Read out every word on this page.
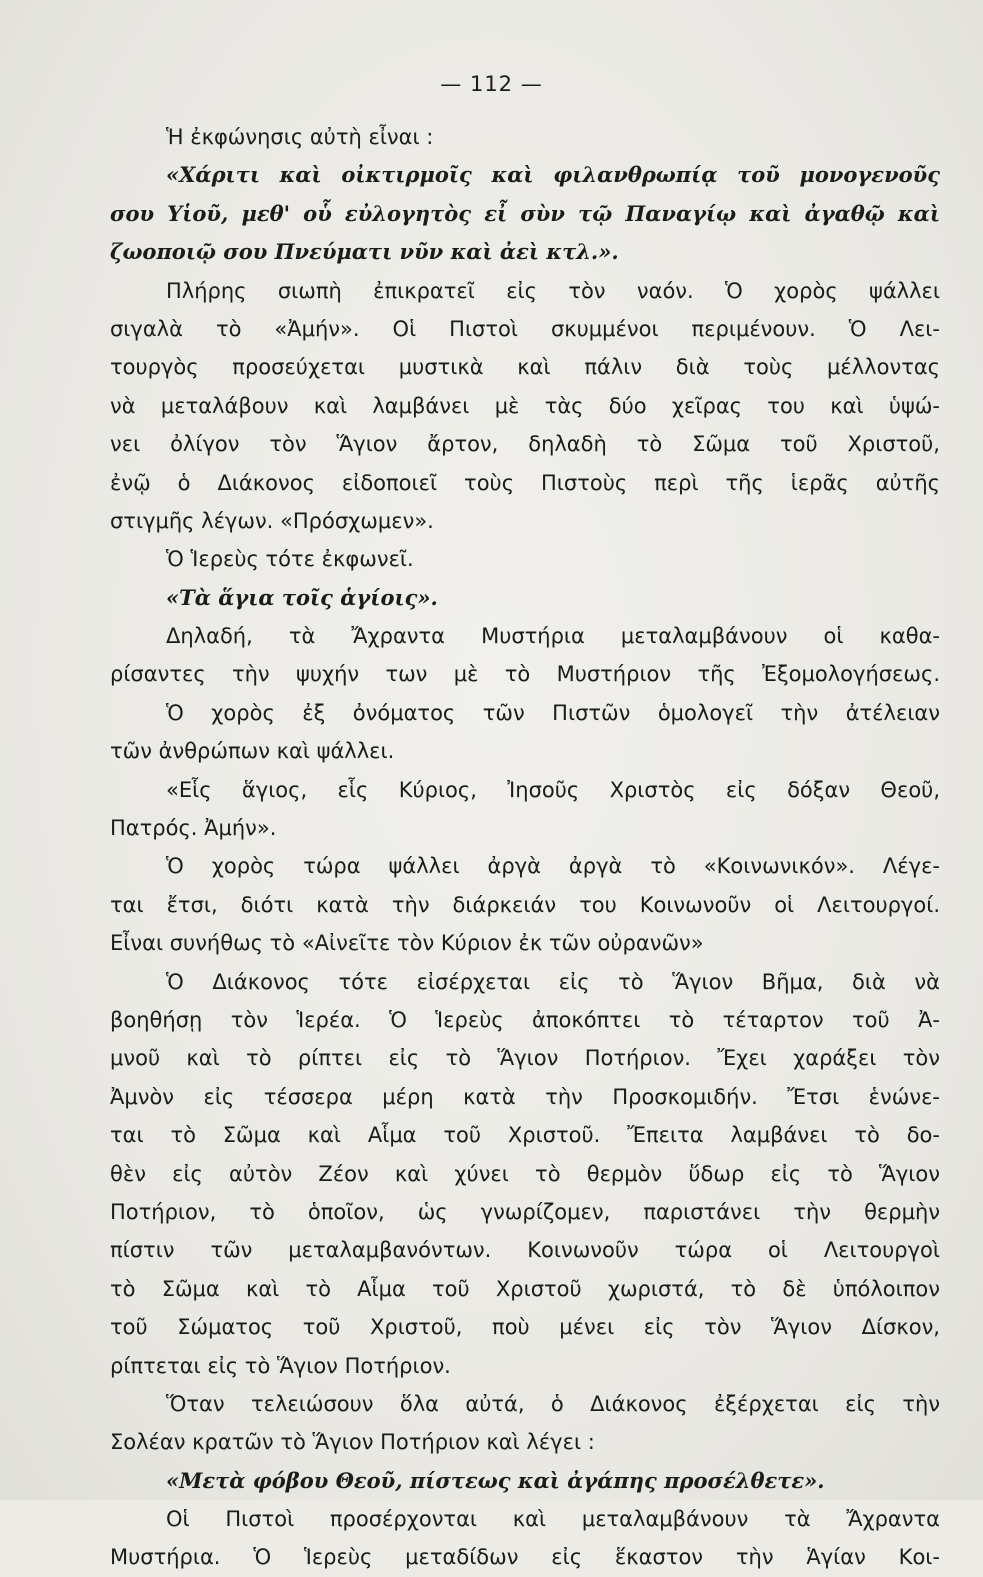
— 112 —
Ἡ ἐκφώνησις αὐτὴ εἶναι :
«Χάριτι καὶ οἰκτιρμοῖς καὶ φιλανθρωπίᾳ τοῦ μονογενοῦς
σου Υἱοῦ, μεθ' οὗ εὐλογητὸς εἶ σὺν τῷ Παναγίῳ καὶ ἀγαθῷ καὶ
ζωοποιῷ σου Πνεύματι νῦν καὶ ἀεὶ κτλ.».
Πλήρης σιωπὴ ἐπικρατεῖ εἰς τὸν ναόν. Ὁ χορὸς ψάλλει
σιγαλὰ τὸ «Ἀμήν». Οἱ Πιστοὶ σκυμμένοι περιμένουν. Ὁ Λει-
τουργὸς προσεύχεται μυστικὰ καὶ πάλιν διὰ τοὺς μέλλοντας
νὰ μεταλάβουν καὶ λαμβάνει μὲ τὰς δύο χεῖρας του καὶ ὑψώ-
νει ὀλίγον τὸν Ἅγιον ἄρτον, δηλαδὴ τὸ Σῶμα τοῦ Χριστοῦ,
ἐνῷ ὁ Διάκονος εἰδοποιεῖ τοὺς Πιστοὺς περὶ τῆς ἱερᾶς αὐτῆς
στιγμῆς λέγων. «Πρόσχωμεν».
Ὁ Ἱερεὺς τότε ἐκφωνεῖ.
«Τὰ ἅγια τοῖς ἁγίοις».
Δηλαδή, τὰ Ἄχραντα Μυστήρια μεταλαμβάνουν οἱ καθα-
ρίσαντες τὴν ψυχήν των μὲ τὸ Μυστήριον τῆς Ἐξομολογήσεως.
Ὁ χορὸς ἐξ ὀνόματος τῶν Πιστῶν ὁμολογεῖ τὴν ἀτέλειαν
τῶν ἀνθρώπων καὶ ψάλλει.
«Εἷς ἅγιος, εἷς Κύριος, Ἰησοῦς Χριστὸς εἰς δόξαν Θεοῦ,
Πατρός. Ἀμήν».
Ὁ χορὸς τώρα ψάλλει ἀργὰ ἀργὰ τὸ «Κοινωνικόν». Λέγε-
ται ἔτσι, διότι κατὰ τὴν διάρκειάν του Κοινωνοῦν οἱ Λειτουργοί.
Εἶναι συνήθως τὸ «Αἰνεῖτε τὸν Κύριον ἐκ τῶν οὐρανῶν»
Ὁ Διάκονος τότε εἰσέρχεται εἰς τὸ Ἅγιον Βῆμα, διὰ νὰ
βοηθήσῃ τὸν Ἱερέα. Ὁ Ἱερεὺς ἀποκόπτει τὸ τέταρτον τοῦ Ἀ-
μνοῦ καὶ τὸ ρίπτει εἰς τὸ Ἅγιον Ποτήριον. Ἔχει χαράξει τὸν
Ἀμνὸν εἰς τέσσερα μέρη κατὰ τὴν Προσκομιδήν. Ἔτσι ἑνώνε-
ται τὸ Σῶμα καὶ Αἷμα τοῦ Χριστοῦ. Ἔπειτα λαμβάνει τὸ δο-
θὲν εἰς αὐτὸν Ζέον καὶ χύνει τὸ θερμὸν ὕδωρ εἰς τὸ Ἅγιον
Ποτήριον, τὸ ὁποῖον, ὡς γνωρίζομεν, παριστάνει τὴν θερμὴν
πίστιν τῶν μεταλαμβανόντων. Κοινωνοῦν τώρα οἱ Λειτουργοὶ
τὸ Σῶμα καὶ τὸ Αἷμα τοῦ Χριστοῦ χωριστά, τὸ δὲ ὑπόλοιπον
τοῦ Σώματος τοῦ Χριστοῦ, ποὺ μένει εἰς τὸν Ἅγιον Δίσκον,
ρίπτεται εἰς τὸ Ἅγιον Ποτήριον.
Ὅταν τελειώσουν ὅλα αὐτά, ὁ Διάκονος ἐξέρχεται εἰς τὴν
Σολέαν κρατῶν τὸ Ἅγιον Ποτήριον καὶ λέγει :
«Μετὰ φόβου Θεοῦ, πίστεως καὶ ἀγάπης προσέλθετε».
Οἱ Πιστοὶ προσέρχονται καὶ μεταλαμβάνουν τὰ Ἄχραντα
Μυστήρια. Ὁ Ἱερεὺς μεταδίδων εἰς ἕκαστον τὴν Ἁγίαν Κοι-
